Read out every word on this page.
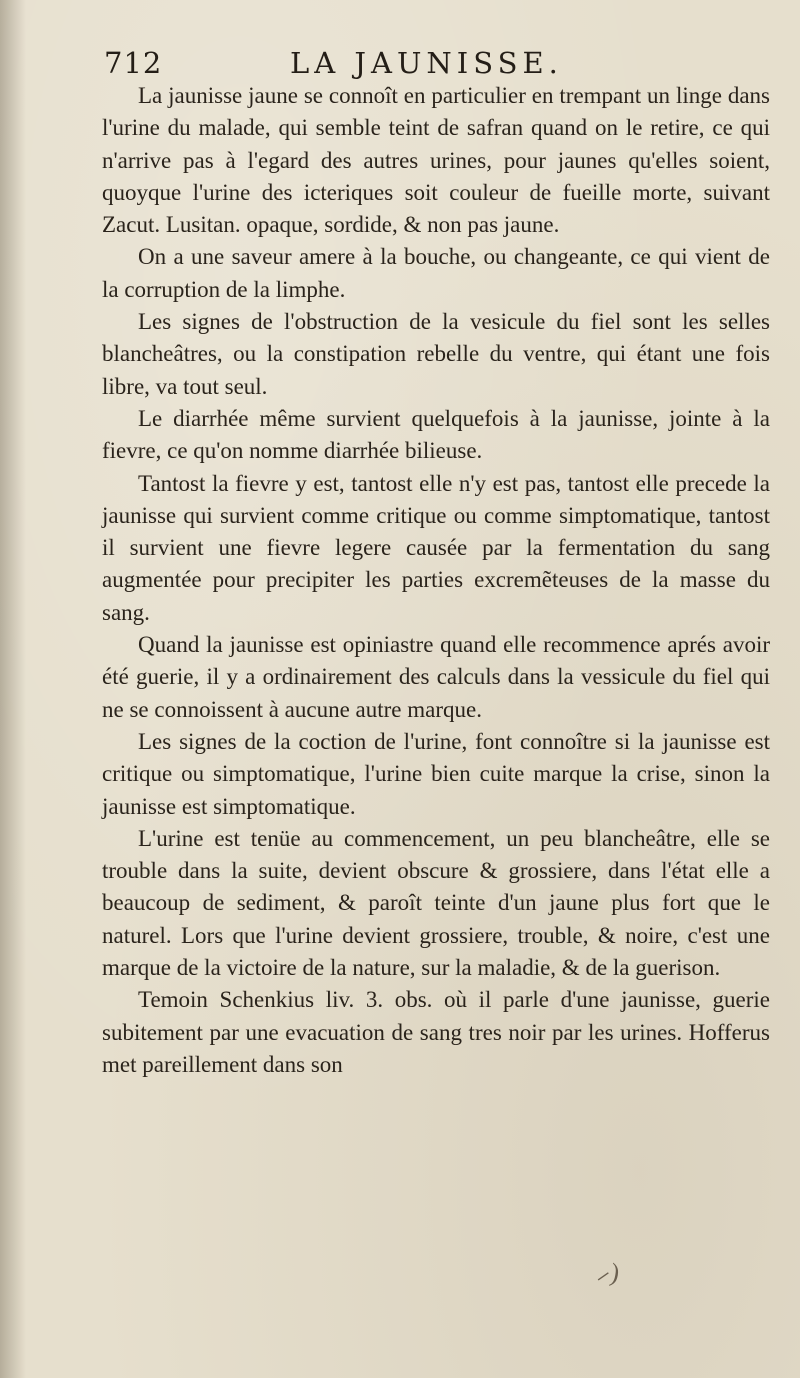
712	LA JAUNISSE.

La jaunisse jaune se connoît en particulier en trempant un linge dans l'urine du malade, qui semble teint de safran quand on le retire, ce qui n'arrive pas à l'egard des autres urines, pour jaunes qu'elles soient, quoyque l'urine des icteriques soit couleur de fueille morte, suivant Zacut. Lusitan. opaque, sordide, & non pas jaune.

On a une saveur amere à la bouche, ou changeante, ce qui vient de la corruption de la limphe.

Les signes de l'obstruction de la vesicule du fiel sont les selles blancheâtres, ou la constipation rebelle du ventre, qui étant une fois libre, va tout seul.

Le diarrhée même survient quelquefois à la jaunisse, jointe à la fievre, ce qu'on nomme diarrhée bilieuse.

Tantost la fievre y est, tantost elle n'y est pas, tantost elle precede la jaunisse qui survient comme critique ou comme simptomatique, tantost il survient une fievre legere causée par la fermentation du sang augmentée pour precipiter les parties excremẽteuses de la masse du sang.

Quand la jaunisse est opiniastre quand elle recommence aprés avoir été guerie, il y a ordinairement des calculs dans la vessicule du fiel qui ne se connoissent à aucune autre marque.

Les signes de la coction de l'urine, font connoître si la jaunisse est critique ou simptomatique, l'urine bien cuite marque la crise, sinon la jaunisse est simptomatique.

L'urine est tenüe au commencement, un peu blancheâtre, elle se trouble dans la suite, devient obscure & grossiere, dans l'état elle a beaucoup de sediment, & paroît teinte d'un jaune plus fort que le naturel. Lors que l'urine devient grossiere, trouble, & noire, c'est une marque de la victoire de la nature, sur la maladie, & de la guerison.

Temoin Schenkius liv. 3. obs. où il parle d'une jaunisse, guerie subitement par une evacuation de sang tres noir par les urines. Hofferus met pareillement dans son

⸝)
